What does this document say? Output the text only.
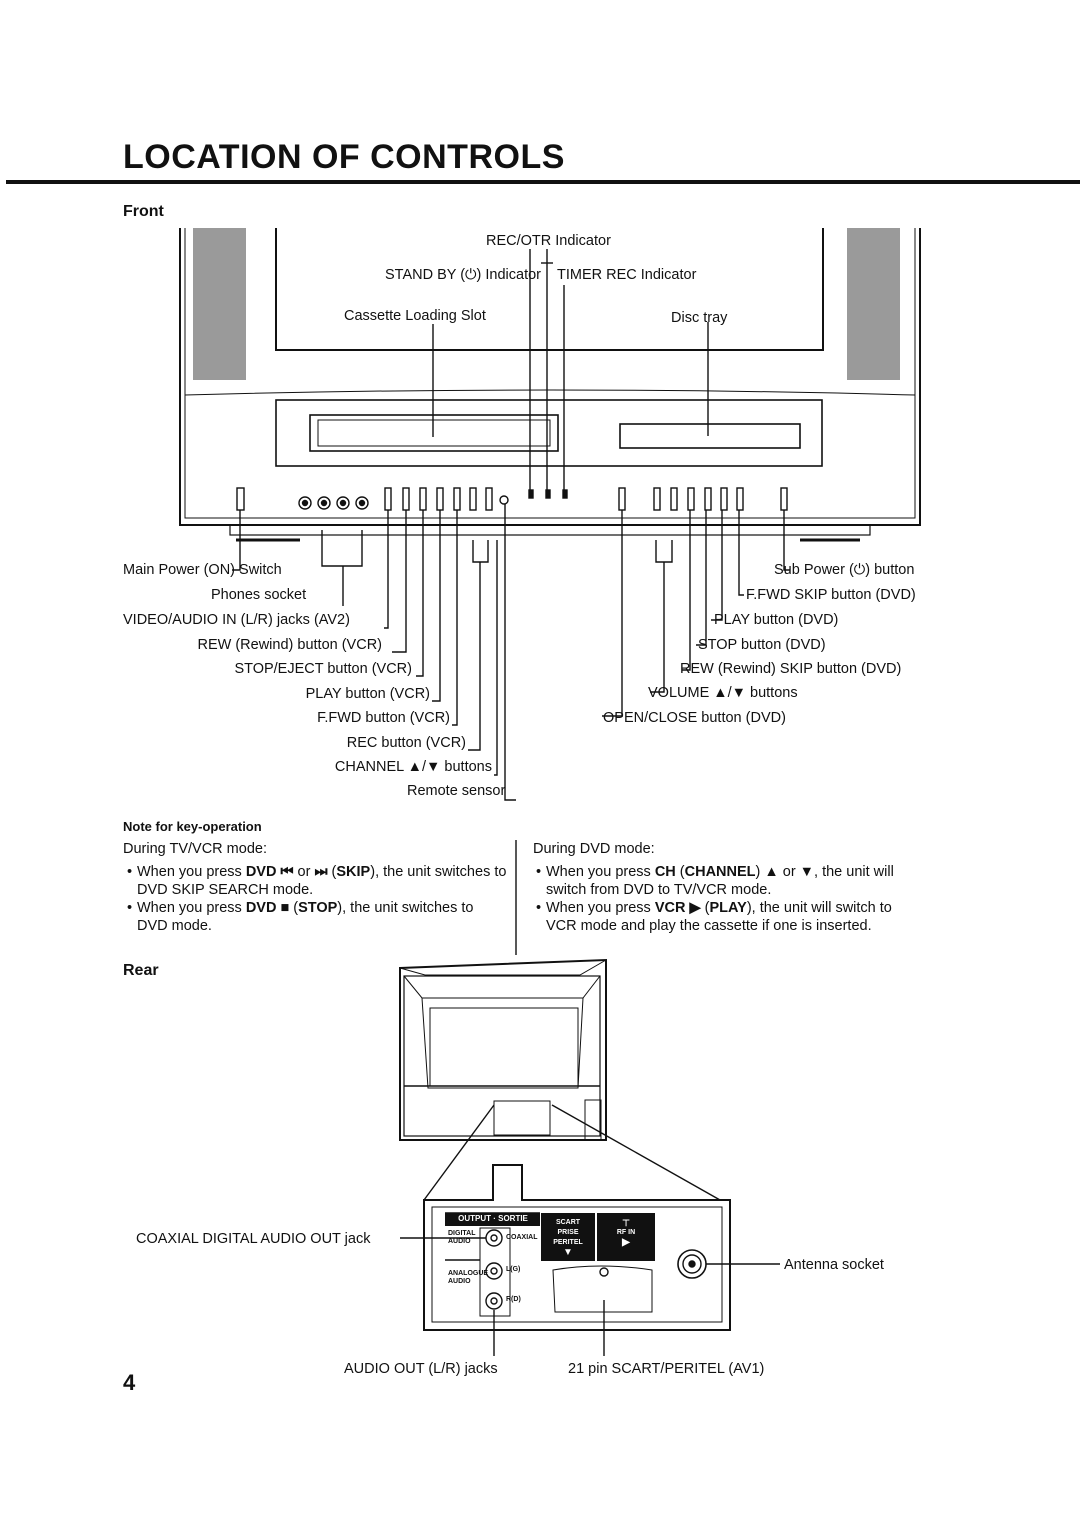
LOCATION OF CONTROLS
Front
OUTPUT · SORTIE
DIGITAL
AUDIO
COAXIAL
ANALOGUE
AUDIO
L(G)
R(D)
SCART
PRISE PERITEL
▼
⊤
RF IN
▶
REC/OTR Indicator
STAND BY (⏻) Indicator TIMER REC Indicator
Cassette Loading Slot	Disc tray
Main Power (ON) Switch
Phones socket
VIDEO/AUDIO IN (L/R) jacks (AV2)
REW (Rewind) button (VCR)
STOP/EJECT button (VCR)
PLAY button (VCR)
F.FWD button (VCR)
REC button (VCR)
CHANNEL ▲/▼ buttons
Remote sensor
Sub Power (⏻) button
F.FWD SKIP button (DVD)
PLAY button (DVD)
STOP button (DVD)
REW (Rewind) SKIP button (DVD)
VOLUME ▲/▼ buttons
OPEN/CLOSE button (DVD)
Note for key-operation
During TV/VCR mode:
• When you press DVD ⏮ or ⏭ (SKIP), the unit switches to DVD SKIP SEARCH mode.
• When you press DVD ■ (STOP), the unit switches to DVD mode.
During DVD mode:
• When you press CH (CHANNEL) ▲ or ▼, the unit will switch from DVD to TV/VCR mode.
• When you press VCR ▶ (PLAY), the unit will switch to VCR mode and play the cassette if one is inserted.
Rear
COAXIAL DIGITAL AUDIO OUT jack
Antenna socket
AUDIO OUT (L/R) jacks	21 pin SCART/PERITEL (AV1)
4
